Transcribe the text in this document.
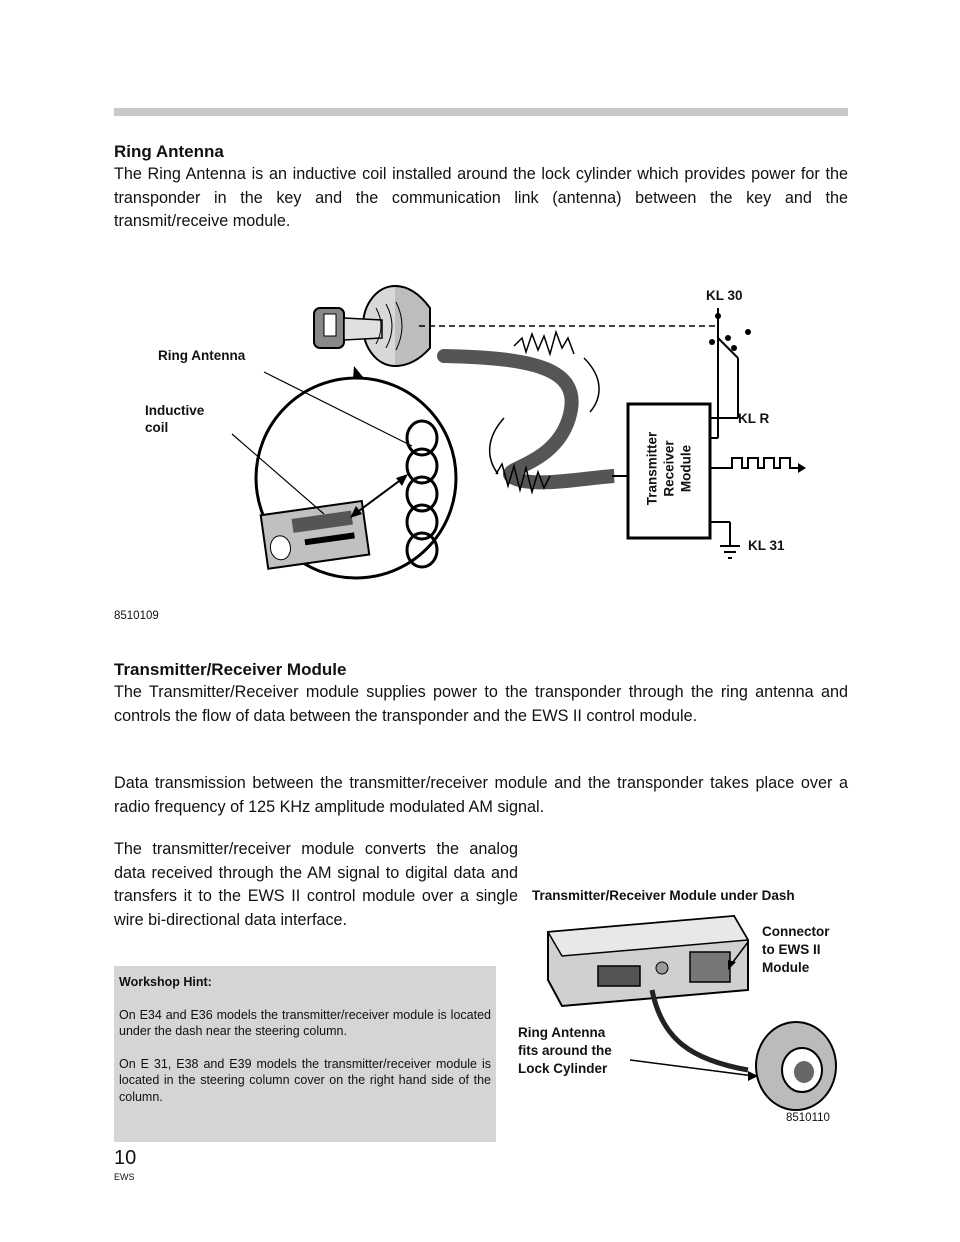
Ring Antenna

The Ring Antenna is an inductive coil installed around the lock cylinder which provides power for the transponder in the key and the communication link (antenna) between the key and the transmit/receive module.

Ring Antenna
Inductive
coil
KL 30
KL R
KL 31
Transmitter Receiver Module
8510109
Transmitter/Receiver Module

The Transmitter/Receiver module supplies power to the transponder through the ring antenna and controls the flow of data between the transponder and the EWS II control module.

Data transmission between the transmitter/receiver module and the transponder takes place over a radio frequency of 125 KHz amplitude modulated AM signal.

The transmitter/receiver module converts the analog data received through the AM signal to digital data and transfers it to the EWS II control module over a single wire bi-directional data interface.

Workshop Hint:

On E34 and E36 models the transmitter/receiver module is located under the dash near the steering column.

On E 31, E38 and E39 models the transmitter/receiver module is located in the steering column cover on the right hand side of the column.

Transmitter/Receiver Module under Dash
Connector
to EWS II
Module
Ring Antenna
fits around the
Lock Cylinder
8510110
10
EWS
